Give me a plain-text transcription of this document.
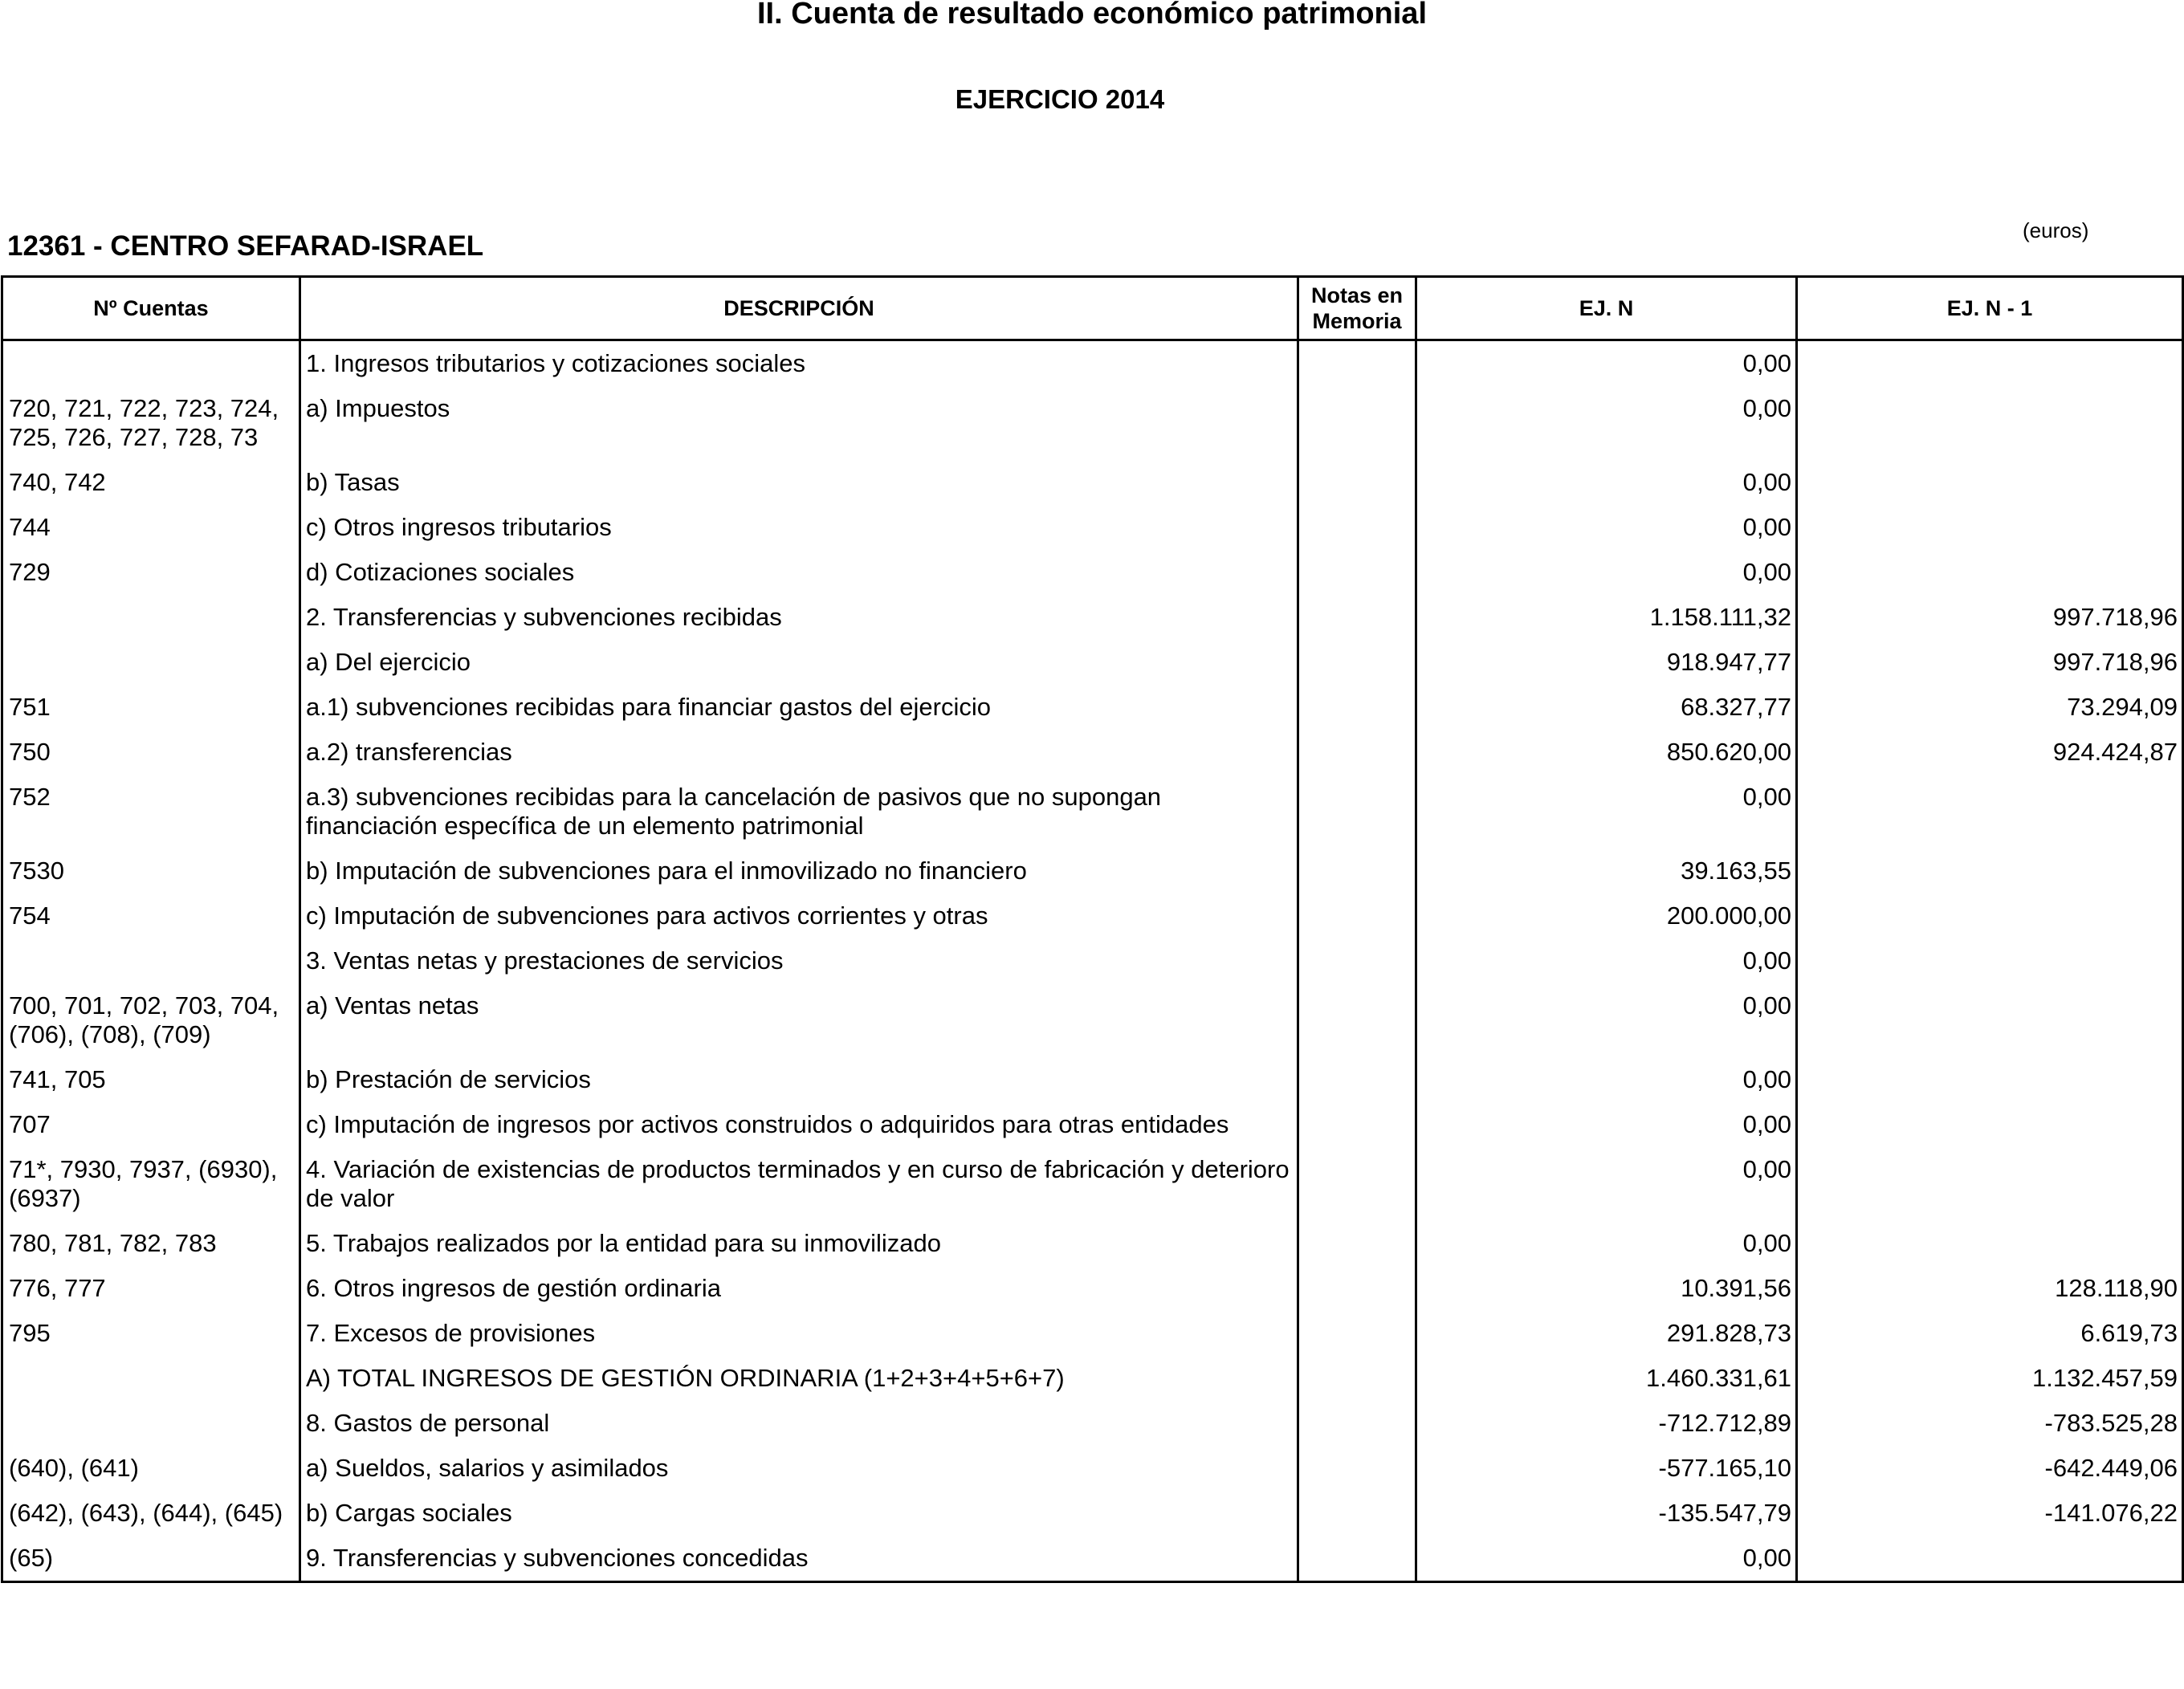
II. Cuenta de resultado económico patrimonial
EJERCICIO 2014
12361 - CENTRO SEFARAD-ISRAEL	(euros)
Nº Cuentas	DESCRIPCIÓN	Notas en Memoria	EJ. N	EJ. N - 1
	1. Ingresos tributarios y cotizaciones sociales		0,00	
720, 721, 722, 723, 724, 725, 726, 727, 728, 73	a) Impuestos		0,00	
740, 742	b) Tasas		0,00	
744	c) Otros ingresos tributarios		0,00	
729	d) Cotizaciones sociales		0,00	
	2. Transferencias y subvenciones recibidas		1.158.111,32	997.718,96
	a) Del ejercicio		918.947,77	997.718,96
751	a.1) subvenciones recibidas para financiar gastos del ejercicio		68.327,77	73.294,09
750	a.2) transferencias		850.620,00	924.424,87
752	a.3) subvenciones recibidas para la cancelación de pasivos que no supongan financiación específica de un elemento patrimonial		0,00	
7530	b) Imputación de subvenciones para el inmovilizado no financiero		39.163,55	
754	c) Imputación de subvenciones para activos corrientes y otras		200.000,00	
	3. Ventas netas y prestaciones de servicios		0,00	
700, 701, 702, 703, 704, (706), (708), (709)	a) Ventas netas		0,00	
741, 705	b) Prestación de servicios		0,00	
707	c) Imputación de ingresos por activos construidos o adquiridos para otras entidades		0,00	
71*, 7930, 7937, (6930), (6937)	4. Variación de existencias de productos terminados y en curso de fabricación y deterioro de valor		0,00	
780, 781, 782, 783	5. Trabajos realizados por la entidad para su inmovilizado		0,00	
776, 777	6. Otros ingresos de gestión ordinaria		10.391,56	128.118,90
795	7. Excesos de provisiones		291.828,73	6.619,73
	A) TOTAL INGRESOS DE GESTIÓN ORDINARIA (1+2+3+4+5+6+7)		1.460.331,61	1.132.457,59
	8. Gastos de personal		-712.712,89	-783.525,28
(640), (641)	a) Sueldos, salarios y asimilados		-577.165,10	-642.449,06
(642), (643), (644), (645)	b) Cargas sociales		-135.547,79	-141.076,22
(65)	9. Transferencias y subvenciones concedidas		0,00	
